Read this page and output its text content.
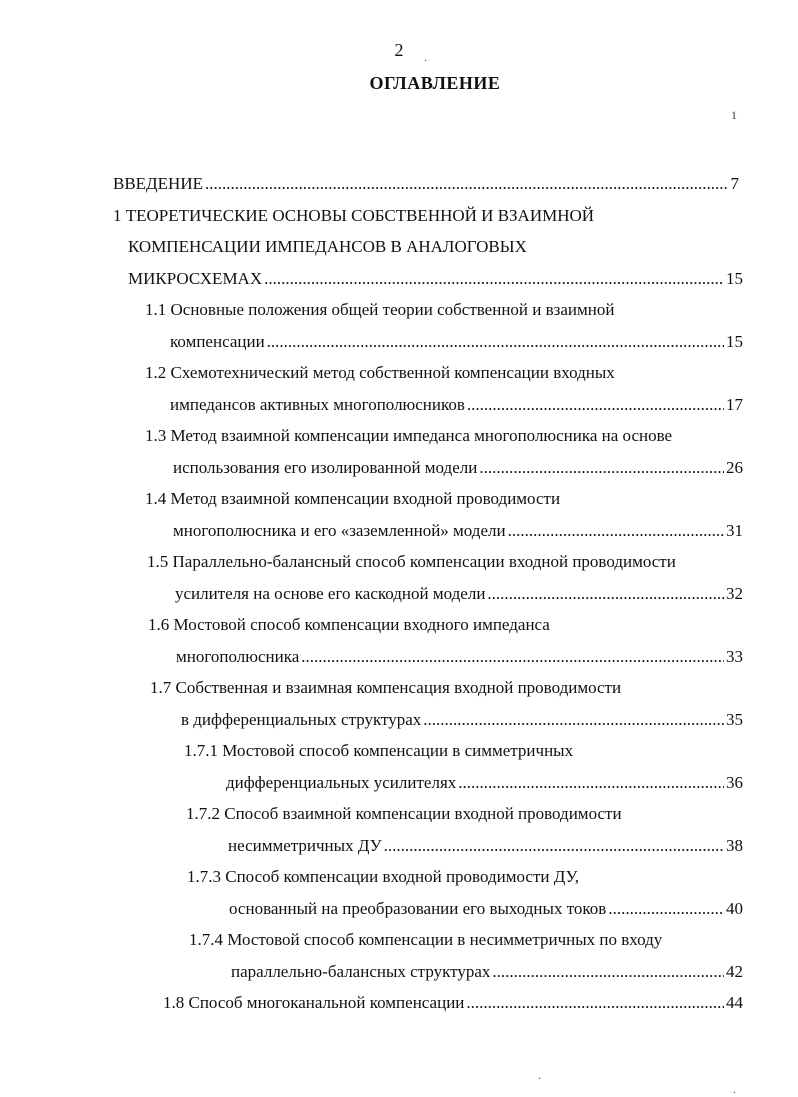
2
ОГЛАВЛЕНИЕ
1
.
.
.
ВВЕДЕНИЕ .....	7
1 ТЕОРЕТИЧЕСКИЕ ОСНОВЫ СОБСТВЕННОЙ И ВЗАИМНОЙ
КОМПЕНСАЦИИ ИМПЕДАНСОВ В АНАЛОГОВЫХ
МИКРОСХЕМАХ .....	15
1.1 Основные положения общей теории собственной и взаимной
компенсации .....	15
1.2 Схемотехнический метод собственной компенсации входных
импедансов активных многополюсников .....	17
1.3 Метод взаимной компенсации импеданса многополюсника на основе
использования его изолированной модели .....	26
1.4 Метод взаимной компенсации входной проводимости
многополюсника и его «заземленной» модели .....	31
1.5 Параллельно-балансный способ компенсации входной проводимости
усилителя на основе его каскодной модели .....	32
1.6 Мостовой способ компенсации входного импеданса
многополюсника .....	33
1.7 Собственная и взаимная компенсация входной проводимости
в дифференциальных структурах .....	35
1.7.1 Мостовой способ компенсации в симметричных
дифференциальных усилителях .....	36
1.7.2 Способ взаимной компенсации входной проводимости
несимметричных ДУ .....	38
1.7.3 Способ компенсации входной проводимости ДУ,
основанный на преобразовании его выходных токов .....	40
1.7.4 Мостовой способ компенсации в несимметричных по входу
параллельно-балансных структурах .....	42
1.8 Способ многоканальной компенсации .....	44
